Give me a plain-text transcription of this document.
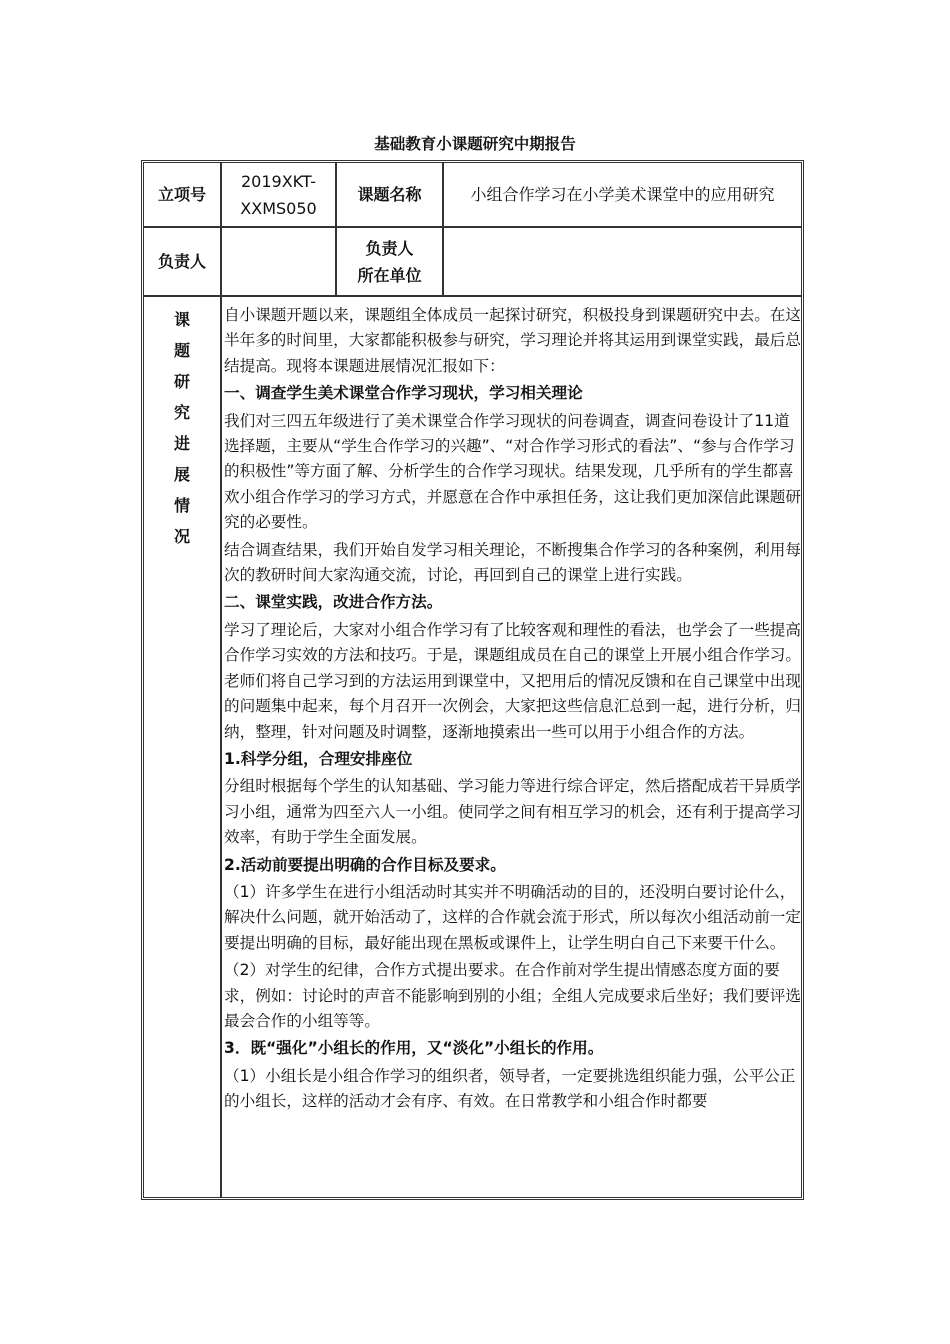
基础教育小课题研究中期报告
立项号
2019XKT-
XXMS050
课题名称	小组合作学习在小学美术课堂中的应用研究
负责人
负责人
所在单位
课
题
研
究
进
展
情
况

自小课题开题以来，课题组全体成员一起探讨研究，积极投身到课题研究中去。在这半年多的时间里，大家都能积极参与研究，学习理论并将其运用到课堂实践，最后总结提高。现将本课题进展情况汇报如下：

一、调查学生美术课堂合作学习现状，学习相关理论

我们对三四五年级进行了美术课堂合作学习现状的问卷调查，调查问卷设计了11道选择题，主要从“学生合作学习的兴趣”、“对合作学习形式的看法”、“参与合作学习的积极性”等方面了解、分析学生的合作学习现状。结果发现，几乎所有的学生都喜欢小组合作学习的学习方式，并愿意在合作中承担任务，这让我们更加深信此课题研究的必要性。

结合调查结果，我们开始自发学习相关理论，不断搜集合作学习的各种案例，利用每次的教研时间大家沟通交流，讨论，再回到自己的课堂上进行实践。

二、课堂实践，改进合作方法。

学习了理论后，大家对小组合作学习有了比较客观和理性的看法，也学会了一些提高合作学习实效的方法和技巧。于是，课题组成员在自己的课堂上开展小组合作学习。老师们将自己学习到的方法运用到课堂中，又把用后的情况反馈和在自己课堂中出现的问题集中起来，每个月召开一次例会，大家把这些信息汇总到一起，进行分析，归纳，整理，针对问题及时调整，逐渐地摸索出一些可以用于小组合作的方法。

1.科学分组，合理安排座位

分组时根据每个学生的认知基础、学习能力等进行综合评定，然后搭配成若干异质学习小组，通常为四至六人一小组。使同学之间有相互学习的机会，还有利于提高学习效率，有助于学生全面发展。

2.活动前要提出明确的合作目标及要求。

（1）许多学生在进行小组活动时其实并不明确活动的目的，还没明白要讨论什么，解决什么问题，就开始活动了，这样的合作就会流于形式，所以每次小组活动前一定要提出明确的目标，最好能出现在黑板或课件上，让学生明白自己下来要干什么。

（2）对学生的纪律，合作方式提出要求。在合作前对学生提出情感态度方面的要求，例如：讨论时的声音不能影响到别的小组；全组人完成要求后坐好；我们要评选最会合作的小组等等。

3．既“强化”小组长的作用，又“淡化”小组长的作用。

（1）小组长是小组合作学习的组织者，领导者，一定要挑选组织能力强，公平公正的小组长，这样的活动才会有序、有效。在日常教学和小组合作时都要
